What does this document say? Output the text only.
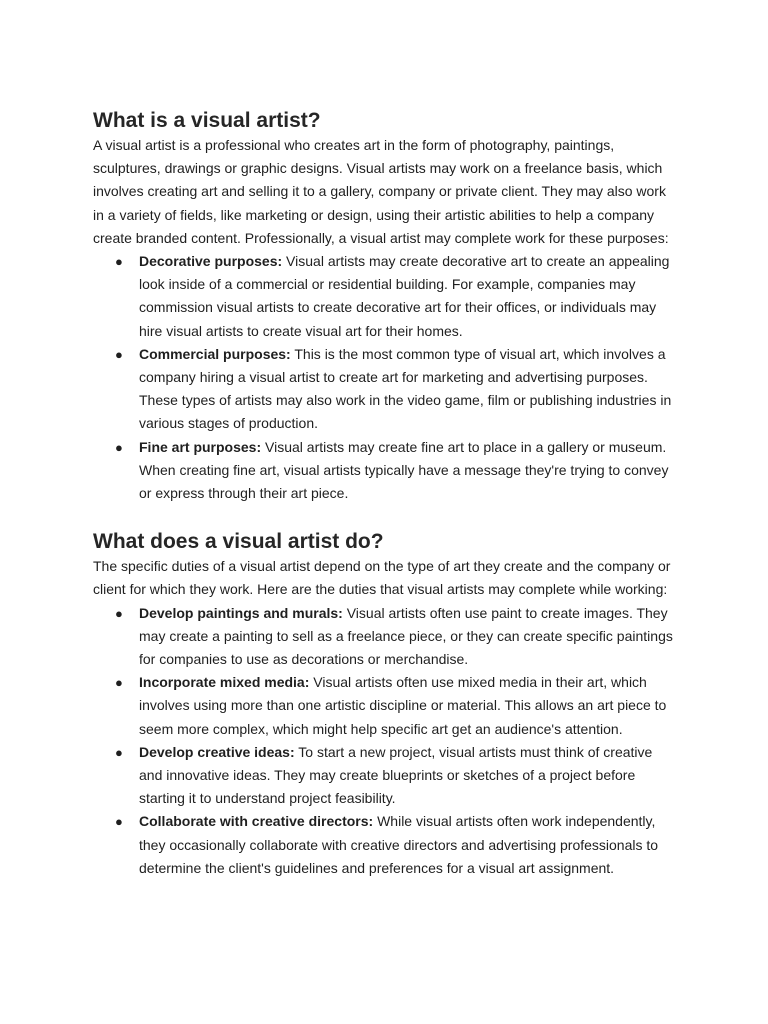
What is a visual artist?

A visual artist is a professional who creates art in the form of photography, paintings, sculptures, drawings or graphic designs. Visual artists may work on a freelance basis, which involves creating art and selling it to a gallery, company or private client. They may also work in a variety of fields, like marketing or design, using their artistic abilities to help a company create branded content. Professionally, a visual artist may complete work for these purposes:

● Decorative purposes: Visual artists may create decorative art to create an appealing look inside of a commercial or residential building. For example, companies may commission visual artists to create decorative art for their offices, or individuals may hire visual artists to create visual art for their homes.
● Commercial purposes: This is the most common type of visual art, which involves a company hiring a visual artist to create art for marketing and advertising purposes. These types of artists may also work in the video game, film or publishing industries in various stages of production.
● Fine art purposes: Visual artists may create fine art to place in a gallery or museum. When creating fine art, visual artists typically have a message they're trying to convey or express through their art piece.
What does a visual artist do?

The specific duties of a visual artist depend on the type of art they create and the company or client for which they work. Here are the duties that visual artists may complete while working:

● Develop paintings and murals: Visual artists often use paint to create images. They may create a painting to sell as a freelance piece, or they can create specific paintings for companies to use as decorations or merchandise.
● Incorporate mixed media: Visual artists often use mixed media in their art, which involves using more than one artistic discipline or material. This allows an art piece to seem more complex, which might help specific art get an audience's attention.
● Develop creative ideas: To start a new project, visual artists must think of creative and innovative ideas. They may create blueprints or sketches of a project before starting it to understand project feasibility.
● Collaborate with creative directors: While visual artists often work independently, they occasionally collaborate with creative directors and advertising professionals to determine the client's guidelines and preferences for a visual art assignment.
